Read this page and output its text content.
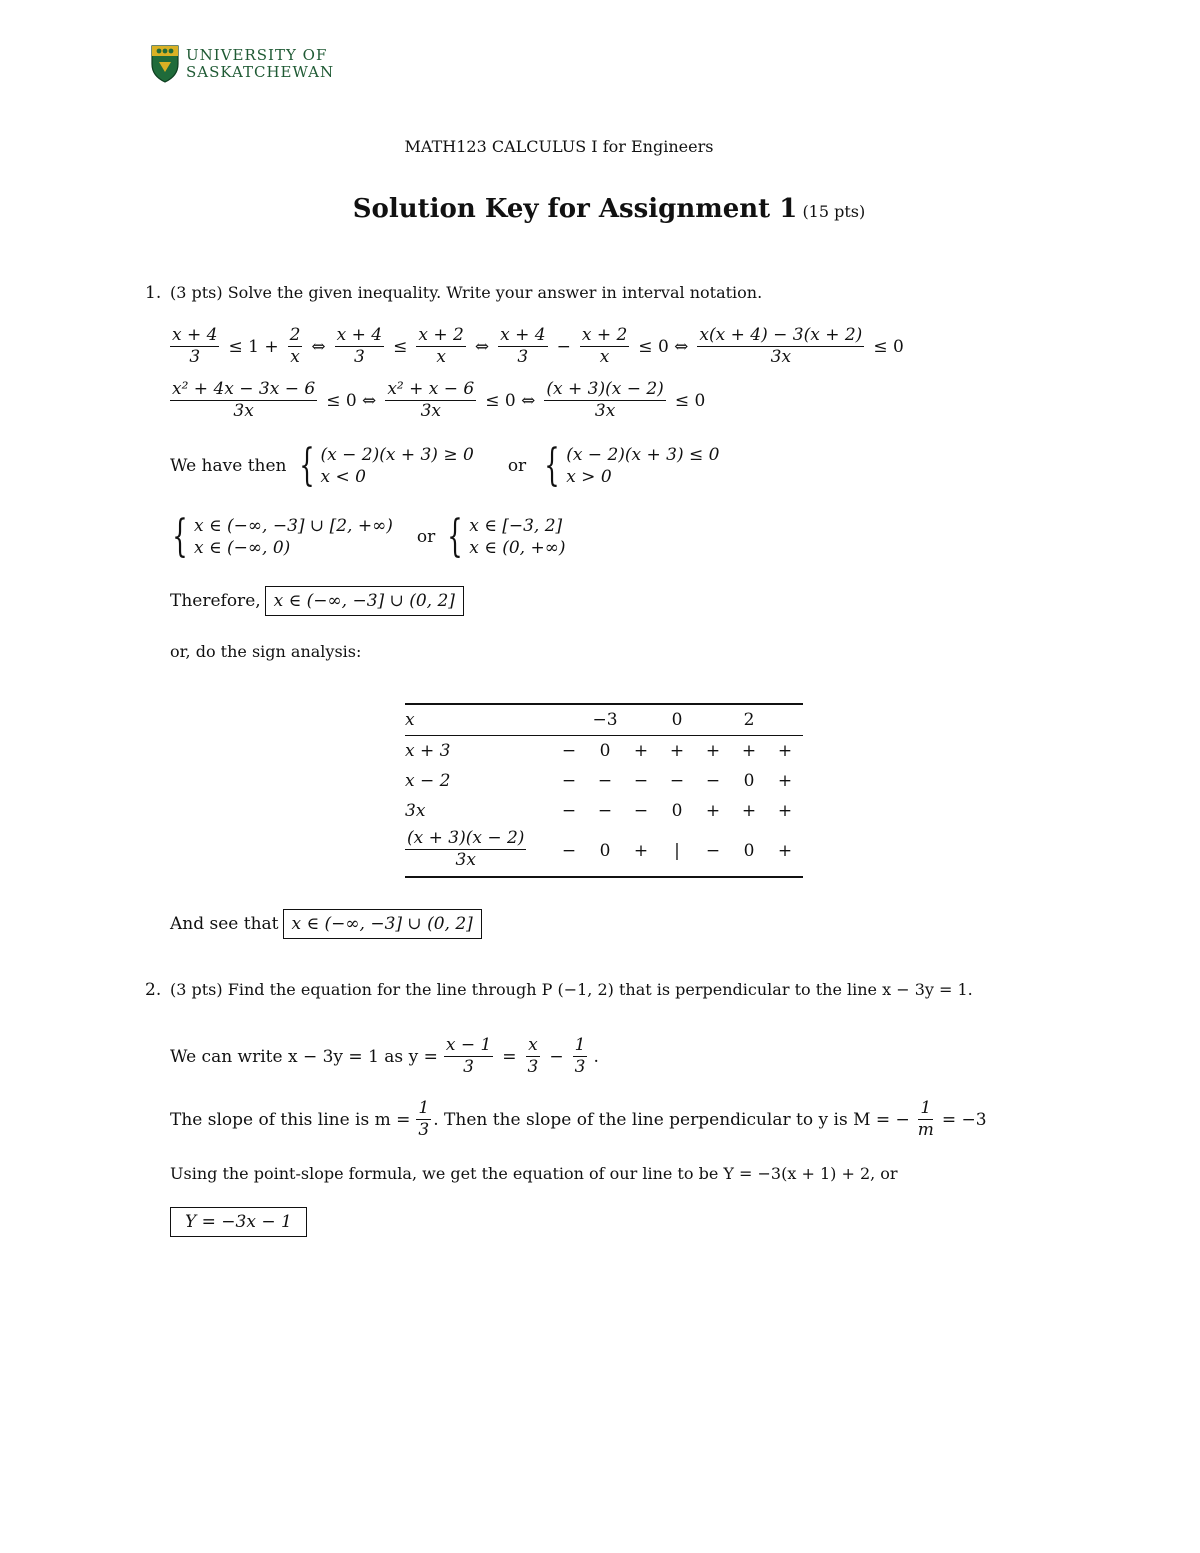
UNIVERSITY OF
SASKATCHEWAN
MATH123 CALCULUS I for Engineers
Solution Key for Assignment 1 (15 pts)
1. (3 pts) Solve the given inequality. Write your answer in interval notation.
$\frac{x + 4}{3} \le 1 + \frac{2}{x}$ ⇔ $\frac{x + 4}{3} \le \frac{x + 2}{x}$ ⇔ $\frac{x + 4}{3} - \frac{x + 2}{x} \le 0$ ⇔ $\frac{x(x + 4) - 3(x + 2)}{3x} \le 0$
$\frac{\text{x² + 4x − 3x − 6}}{3x} \le 0$ ⇔ $\frac{\text{x² + x − 6}}{3x} \le 0$ ⇔ $\frac{(x + 3)(x - 2)}{3x} \le 0$
We have then { (x − 2)(x + 3) ≥ 0
x < 0
or { (x − 2)(x + 3) ≤ 0
x > 0
{ x ∈ (−∞, −3] ∪ [2, +∞)
x ∈ (−∞, 0)
or { x ∈ [−3, 2]
x ∈ (0, +∞)
Therefore, x ∈ (−∞, −3] ∪ (0, 2]
or, do the sign analysis:
x		−3		0		2	
x + 3	−	0	+	+	+	+	+
x − 2	−	−	−	−	−	0	+
3x	−	−	−	0	+	+	+

$\frac{(x + 3)(x - 2)}{3x}$	−	0	+	|	−	0	+
And see that x ∈ (−∞, −3] ∪ (0, 2]
2. (3 pts) Find the equation for the line through P (−1, 2) that is perpendicular to the line x − 3y = 1.
We can write x − 3y = 1 as $y = \frac{x - 1}{3} = \frac{x}{3} - \frac{1}{3}$ .
The slope of this line is $m = \frac{1}{3}$ . Then the slope of the line perpendicular to y is M = − $\frac{1}{m} = -3$
Using the point-slope formula, we get the equation of our line to be Y = −3(x + 1) + 2, or
Y = −3x − 1
